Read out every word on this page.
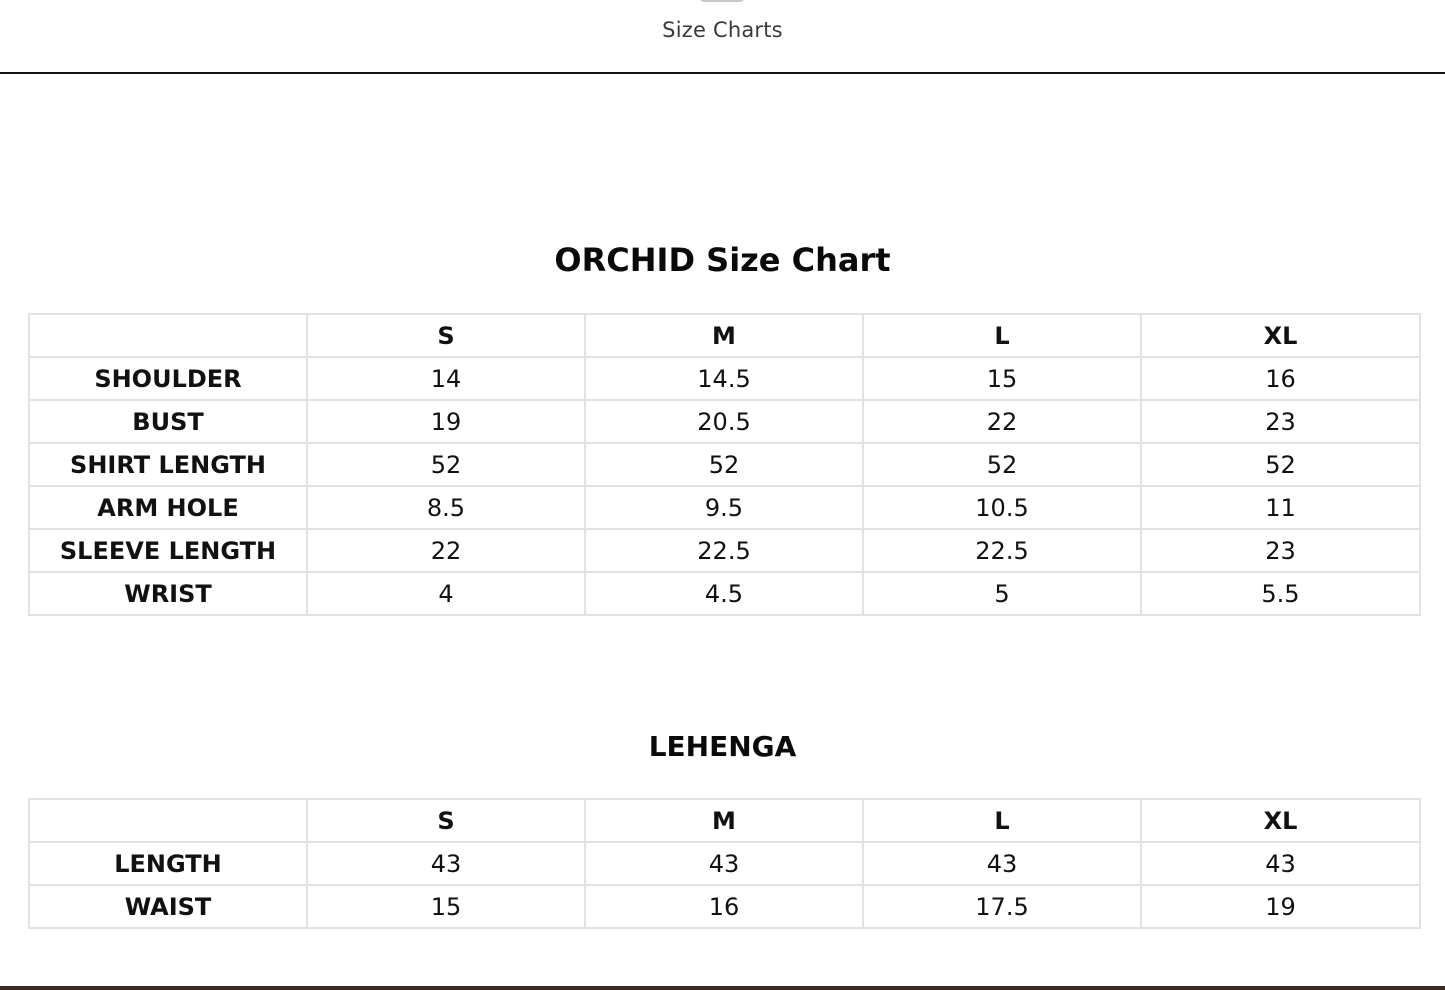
Size Charts
ORCHID Size Chart
	S	M	L	XL
SHOULDER	14	14.5	15	16
BUST	19	20.5	22	23
SHIRT LENGTH	52	52	52	52
ARM HOLE	8.5	9.5	10.5	11
SLEEVE LENGTH	22	22.5	22.5	23
WRIST	4	4.5	5	5.5
LEHENGA
	S	M	L	XL
LENGTH	43	43	43	43
WAIST	15	16	17.5	19
